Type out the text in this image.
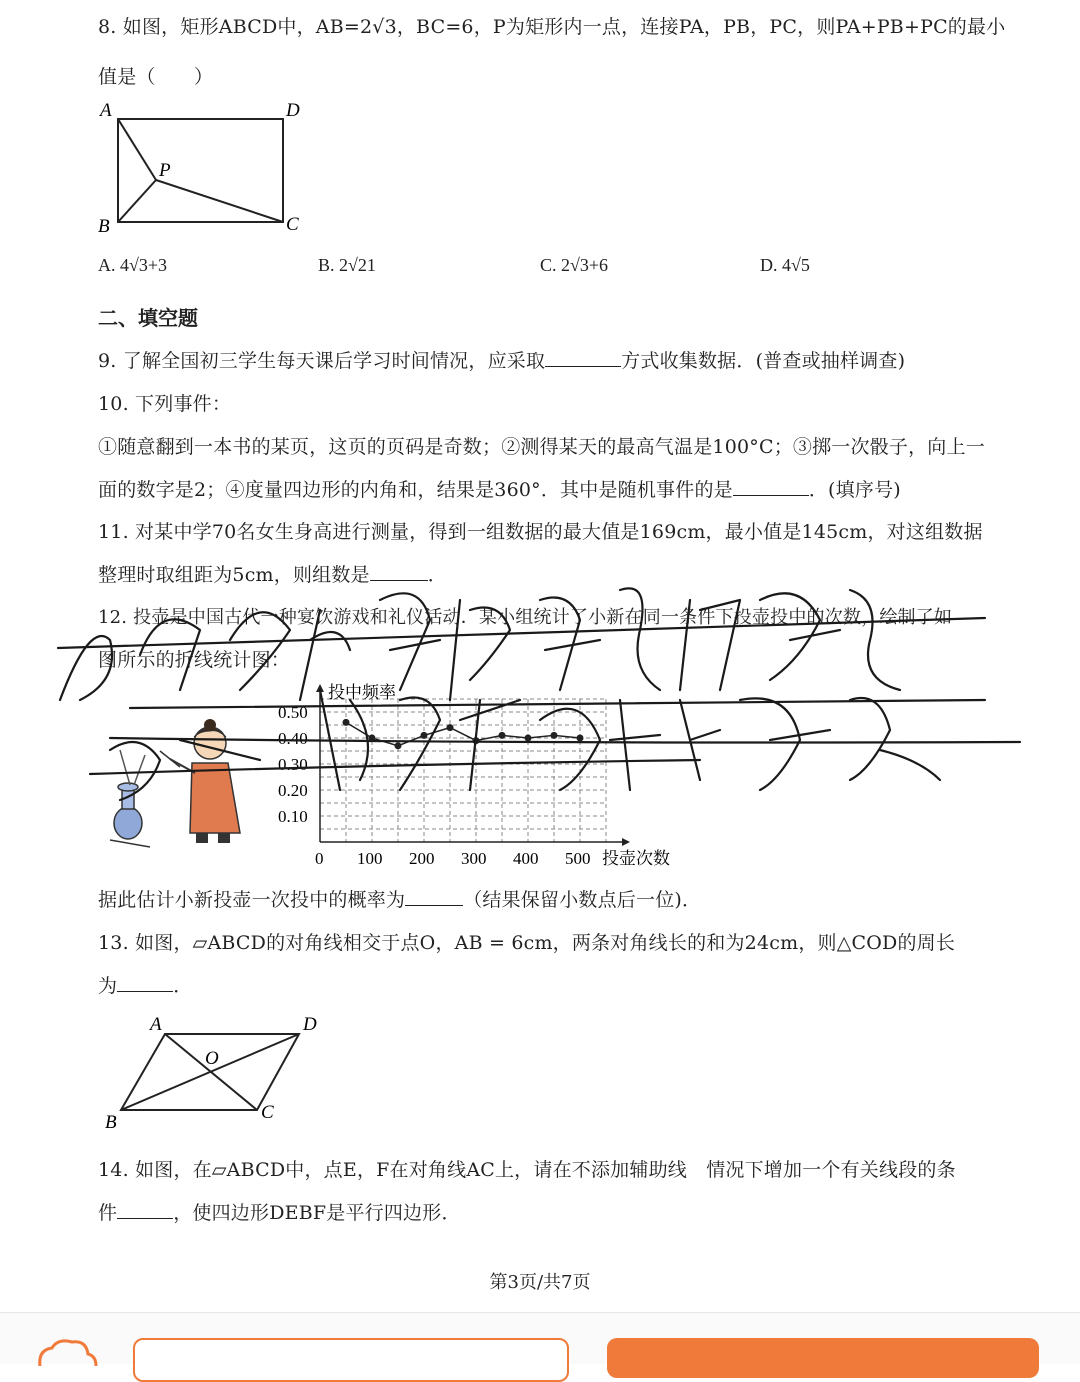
8. 如图，矩形ABCD中，AB=2√3，BC=6，P为矩形内一点，连接PA，PB，PC，则PA+PB+PC的最小
值是（　　）
A	D
B	C
P
A. 4√3+3	B. 2√21	C. 2√3+6	D. 4√5
二、填空题
9. 了解全国初三学生每天课后学习时间情况，应采取	方式收集数据．(普查或抽样调查)
10. 下列事件：
①随意翻到一本书的某页，这页的页码是奇数；②测得某天的最高气温是100°C；③掷一次骰子，向上一
面的数字是2；④度量四边形的内角和，结果是360°．其中是随机事件的是	．(填序号)
11. 对某中学70名女生身高进行测量，得到一组数据的最大值是169cm，最小值是145cm，对这组数据
整理时取组距为5cm，则组数是	．
12. 投壶是中国古代一种宴饮游戏和礼仪活动．某小组统计了小新在同一条件下投壶投中的次数，绘制了如
图所示的折线统计图：
投中频率
投壶次数
0 100 200 300 400 500
0.10
0.20
0.30
0.40
0.50
据此估计小新投壶一次投中的概率为	（结果保留小数点后一位)．
13. 如图，▱ABCD的对角线相交于点O，AB = 6cm，两条对角线长的和为24cm，则△COD的周长
为	．
A	D
B	C
O
14. 如图，在▱ABCD中，点E，F在对角线AC上，请在不添加辅助线　情况下增加一个有关线段的条
件	，使四边形DEBF是平行四边形．
第3页/共7页
